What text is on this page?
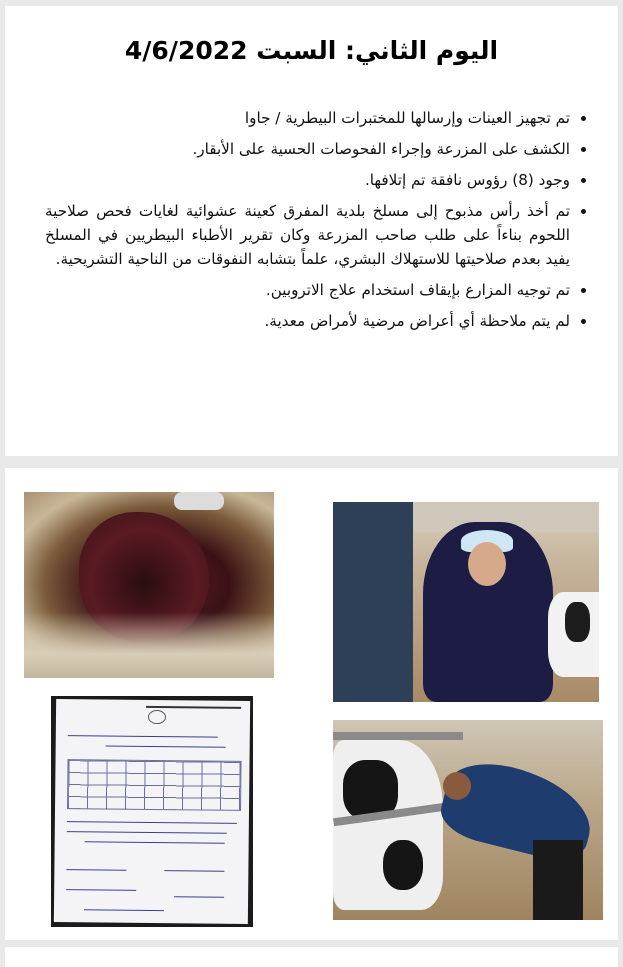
اليوم الثاني: السبت 4/6/2022
• تم تجهيز العينات وإرسالها للمختبرات البيطرية / جاوا
• الكشف على المزرعة وإجراء الفحوصات الحسية على الأبقار.
• وجود (8) رؤوس نافقة تم إتلافها.
• تم أخذ رأس مذبوح إلى مسلخ بلدية المفرق كعينة عشوائية لغايات فحص صلاحية اللحوم بناءاً على طلب صاحب المزرعة وكان تقرير الأطباء البيطريين في المسلخ يفيد بعدم صلاحيتها للاستهلاك البشري، علماً بتشابه النفوقات من الناحية التشريحية.
• تم توجيه المزارع بإيقاف استخدام علاج الاتروبين.
• لم يتم ملاحظة أي أعراض مرضية لأمراض معدية.
